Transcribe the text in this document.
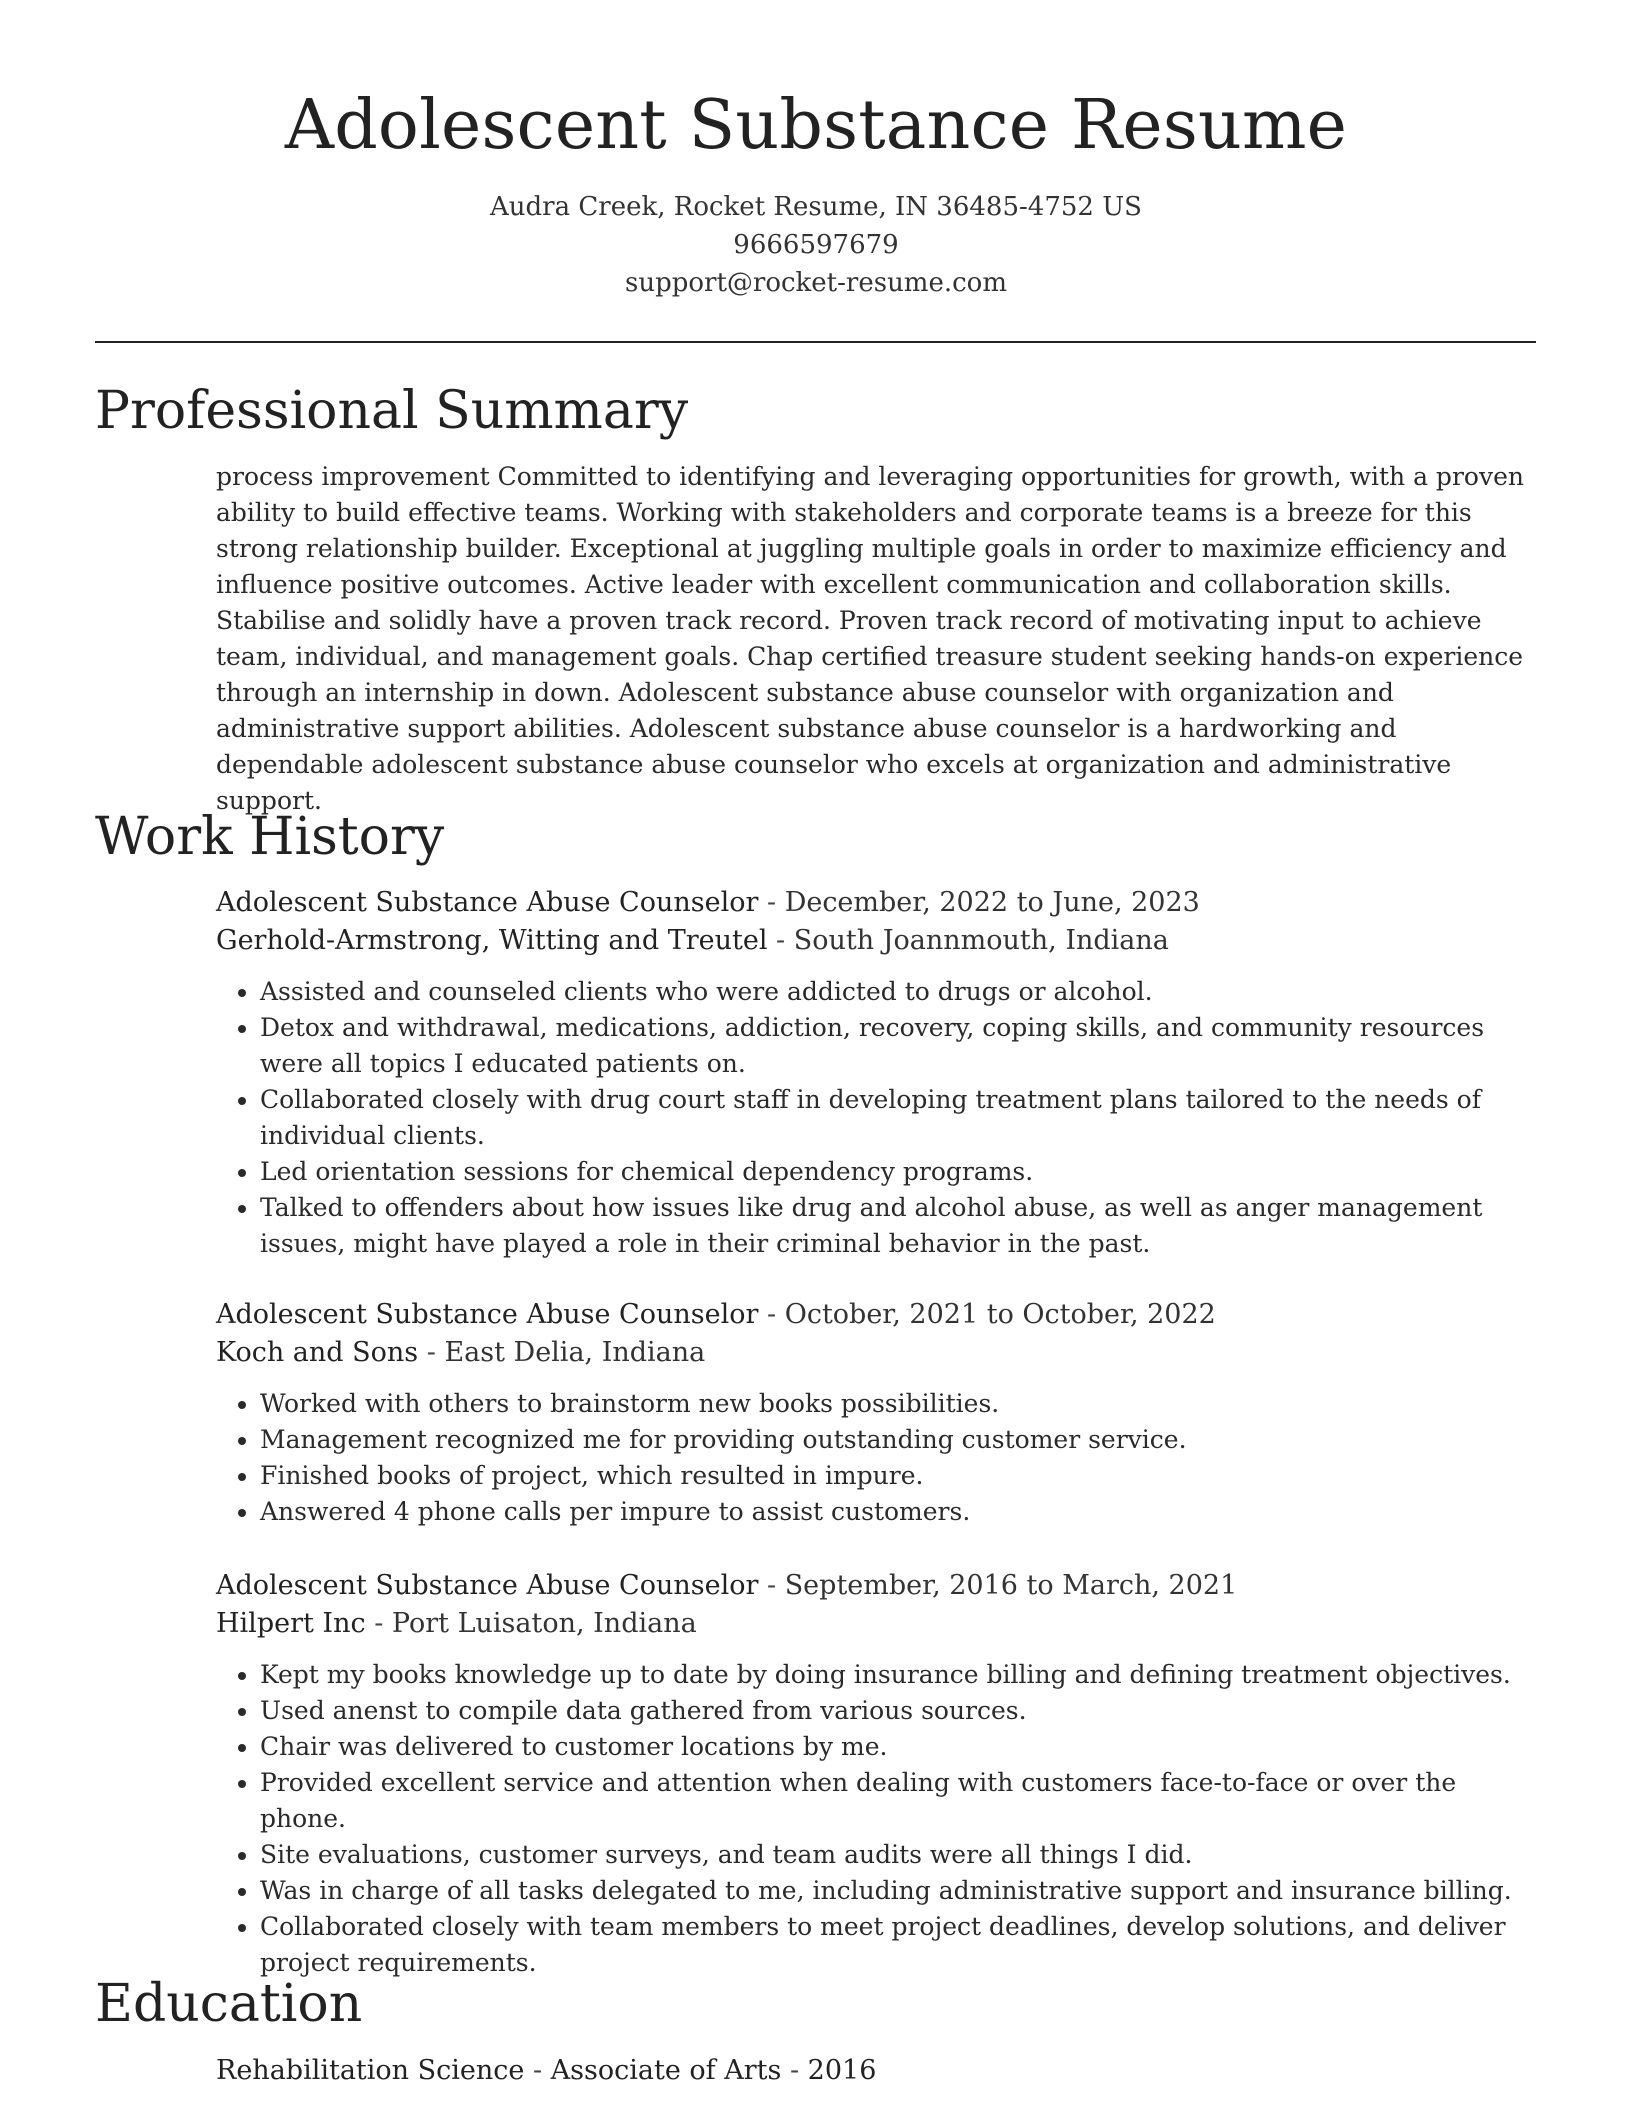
Adolescent Substance Resume

Audra Creek, Rocket Resume, IN 36485-4752 US

9666597679

support@rocket-resume.com

Professional Summary

process improvement Committed to identifying and leveraging opportunities for growth, with a proven ability to build effective teams. Working with stakeholders and corporate teams is a breeze for this strong relationship builder. Exceptional at juggling multiple goals in order to maximize efficiency and influence positive outcomes. Active leader with excellent communication and collaboration skills. Stabilise and solidly have a proven track record. Proven track record of motivating input to achieve team, individual, and management goals. Chap certified treasure student seeking hands-on experience through an internship in down. Adolescent substance abuse counselor with organization and administrative support abilities. Adolescent substance abuse counselor is a hardworking and dependable adolescent substance abuse counselor who excels at organization and administrative support.

Work History

Adolescent Substance Abuse Counselor - December, 2022 to June, 2023

Gerhold-Armstrong, Witting and Treutel - South Joannmouth, Indiana

• Assisted and counseled clients who were addicted to drugs or alcohol.
• Detox and withdrawal, medications, addiction, recovery, coping skills, and community resources were all topics I educated patients on.
• Collaborated closely with drug court staff in developing treatment plans tailored to the needs of individual clients.
• Led orientation sessions for chemical dependency programs.
• Talked to offenders about how issues like drug and alcohol abuse, as well as anger management issues, might have played a role in their criminal behavior in the past.

Adolescent Substance Abuse Counselor - October, 2021 to October, 2022

Koch and Sons - East Delia, Indiana

• Worked with others to brainstorm new books possibilities.
• Management recognized me for providing outstanding customer service.
• Finished books of project, which resulted in impure.
• Answered 4 phone calls per impure to assist customers.

Adolescent Substance Abuse Counselor - September, 2016 to March, 2021

Hilpert Inc - Port Luisaton, Indiana

• Kept my books knowledge up to date by doing insurance billing and defining treatment objectives.
• Used anenst to compile data gathered from various sources.
• Chair was delivered to customer locations by me.
• Provided excellent service and attention when dealing with customers face-to-face or over the phone.
• Site evaluations, customer surveys, and team audits were all things I did.
• Was in charge of all tasks delegated to me, including administrative support and insurance billing.
• Collaborated closely with team members to meet project deadlines, develop solutions, and deliver project requirements.
Education

Rehabilitation Science - Associate of Arts - 2016
